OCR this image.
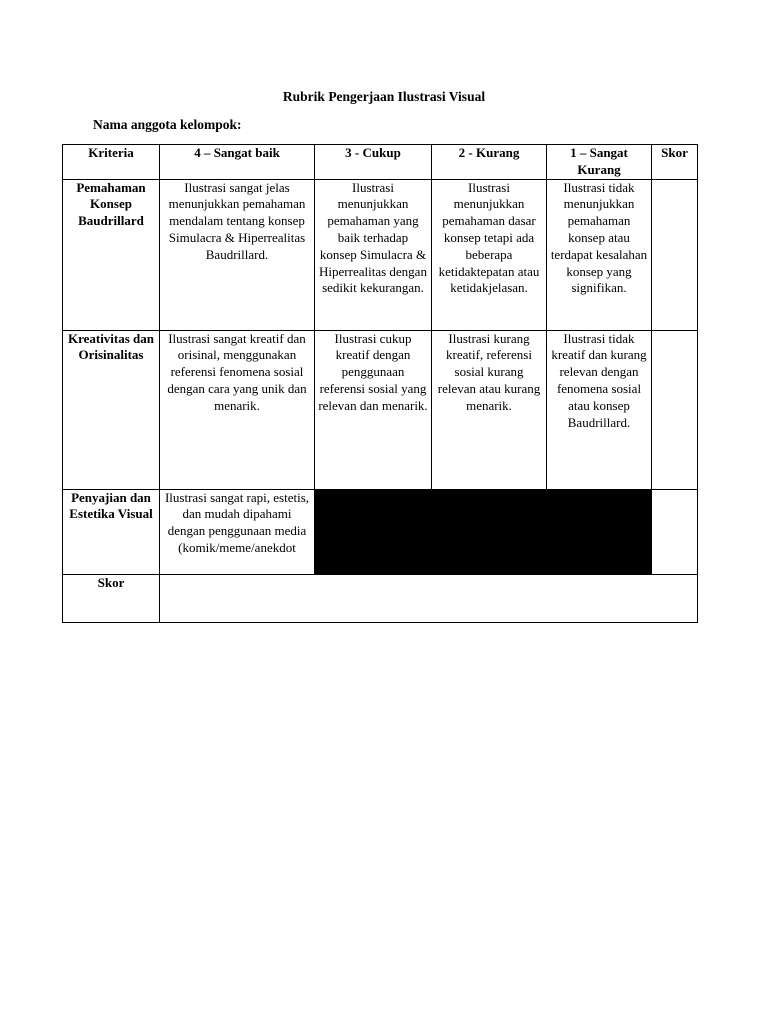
Rubrik Pengerjaan Ilustrasi Visual
Nama anggota kelompok:
Kriteria	4 – Sangat baik	3 - Cukup	2 - Kurang	1 – Sangat Kurang	Skor
Pemahaman Konsep Baudrillard	Ilustrasi sangat jelas menunjukkan pemahaman mendalam tentang konsep Simulacra & Hiperrealitas Baudrillard.	Ilustrasi menunjukkan pemahaman yang baik terhadap konsep Simulacra & Hiperrealitas dengan sedikit kekurangan.	Ilustrasi menunjukkan pemahaman dasar konsep tetapi ada beberapa ketidaktepatan atau ketidakjelasan.	Ilustrasi tidak menunjukkan pemahaman konsep atau terdapat kesalahan konsep yang signifikan.	
Kreativitas dan Orisinalitas	Ilustrasi sangat kreatif dan orisinal, menggunakan referensi fenomena sosial dengan cara yang unik dan menarik.	Ilustrasi cukup kreatif dengan penggunaan referensi sosial yang relevan dan menarik.	Ilustrasi kurang kreatif, referensi sosial kurang relevan atau kurang menarik.	Ilustrasi tidak kreatif dan kurang relevan dengan fenomena sosial atau konsep Baudrillard.	
Penyajian dan Estetika Visual	Ilustrasi sangat rapi, estetis, dan mudah dipahami dengan penggunaan media (komik/meme/anekdot				

Skor					
